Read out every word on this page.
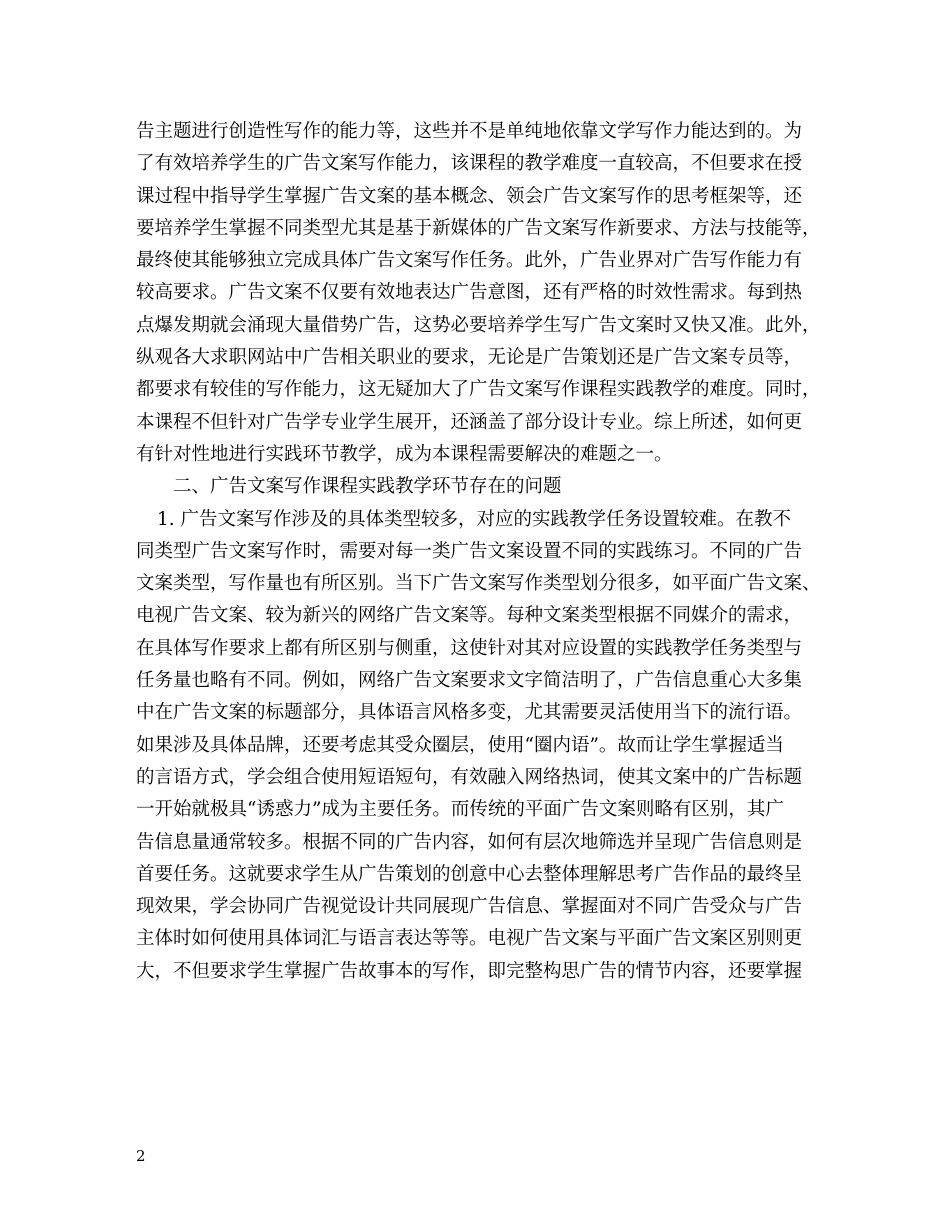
告主题进行创造性写作的能力等，这些并不是单纯地依靠文学写作力能达到的。为
了有效培养学生的广告文案写作能力，该课程的教学难度一直较高，不但要求在授
课过程中指导学生掌握广告文案的基本概念、领会广告文案写作的思考框架等，还
要培养学生掌握不同类型尤其是基于新媒体的广告文案写作新要求、方法与技能等，
最终使其能够独立完成具体广告文案写作任务。此外，广告业界对广告写作能力有
较高要求。广告文案不仅要有效地表达广告意图，还有严格的时效性需求。每到热
点爆发期就会涌现大量借势广告，这势必要培养学生写广告文案时又快又准。此外，
纵观各大求职网站中广告相关职业的要求，无论是广告策划还是广告文案专员等，
都要求有较佳的写作能力，这无疑加大了广告文案写作课程实践教学的难度。同时，
本课程不但针对广告学专业学生展开，还涵盖了部分设计专业。综上所述，如何更
有针对性地进行实践环节教学，成为本课程需要解决的难题之一。
二、广告文案写作课程实践教学环节存在的问题
1. 广告文案写作涉及的具体类型较多，对应的实践教学任务设置较难。在教不
同类型广告文案写作时，需要对每一类广告文案设置不同的实践练习。不同的广告
文案类型，写作量也有所区别。当下广告文案写作类型划分很多，如平面广告文案、
电视广告文案、较为新兴的网络广告文案等。每种文案类型根据不同媒介的需求，
在具体写作要求上都有所区别与侧重，这使针对其对应设置的实践教学任务类型与
任务量也略有不同。例如，网络广告文案要求文字简洁明了，广告信息重心大多集
中在广告文案的标题部分，具体语言风格多变，尤其需要灵活使用当下的流行语。
如果涉及具体品牌，还要考虑其受众圈层，使用“圈内语”。故而让学生掌握适当
的言语方式，学会组合使用短语短句，有效融入网络热词，使其文案中的广告标题
一开始就极具“诱惑力”成为主要任务。而传统的平面广告文案则略有区别，其广
告信息量通常较多。根据不同的广告内容，如何有层次地筛选并呈现广告信息则是
首要任务。这就要求学生从广告策划的创意中心去整体理解思考广告作品的最终呈
现效果，学会协同广告视觉设计共同展现广告信息、掌握面对不同广告受众与广告
主体时如何使用具体词汇与语言表达等等。电视广告文案与平面广告文案区别则更
大，不但要求学生掌握广告故事本的写作，即完整构思广告的情节内容，还要掌握
2
